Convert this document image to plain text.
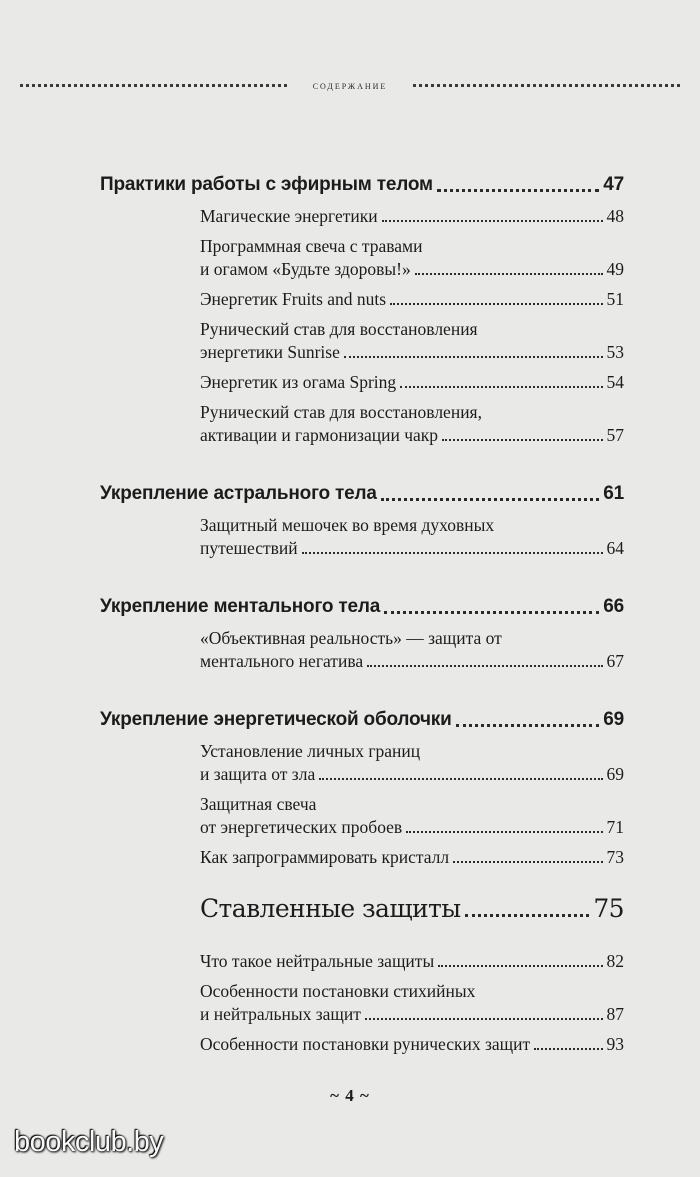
содержание
Практики работы с эфирным телом	47
Магические энергетики	48
Программная свеча с травами
и огамом «Будьте здоровы!»	49
Энергетик Fruits and nuts	51
Рунический став для восстановления
энергетики Sunrise	53
Энергетик из огама Spring	54
Рунический став для восстановления,
активации и гармонизации чакр	57
Укрепление астрального тела	61
Защитный мешочек во время духовных
путешествий	64
Укрепление ментального тела	66
«Объективная реальность» — защита от
ментального негатива	67
Укрепление энергетической оболочки	69
Установление личных границ
и защита от зла	69
Защитная свеча
от энергетических пробоев	71
Как запрограммировать кристалл	73
Ставленные защиты	75
Что такое нейтральные защиты	82
Особенности постановки стихийных
и нейтральных защит	87
Особенности постановки рунических защит	93
~ 4 ~
bookclub.by
